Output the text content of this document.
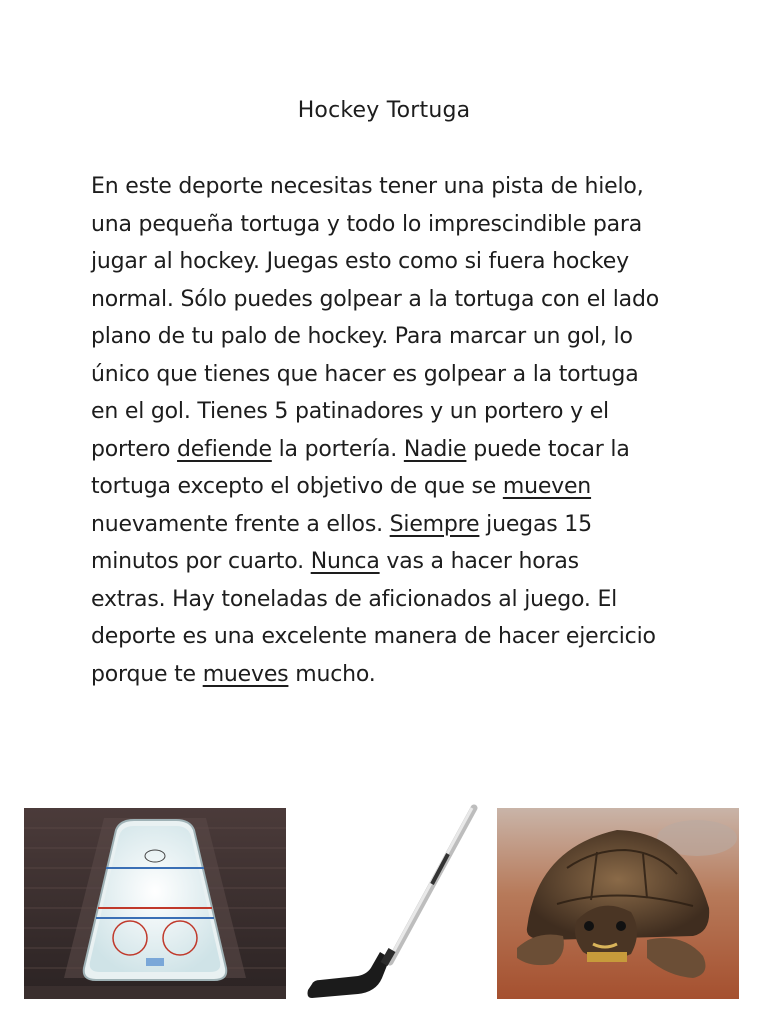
Hockey Tortuga
En este deporte necesitas tener una pista de hielo,
una pequeña tortuga y todo lo imprescindible para
jugar al hockey. Juegas esto como si fuera hockey
normal. Sólo puedes golpear a la tortuga con el lado
plano de tu palo de hockey. Para marcar un gol, lo
único que tienes que hacer es golpear a la tortuga
en el gol. Tienes 5 patinadores y un portero y el
portero defiende la portería. Nadie puede tocar la
tortuga excepto el objetivo de que se mueven
nuevamente frente a ellos. Siempre juegas 15
minutos por cuarto. Nunca vas a hacer horas
extras. Hay toneladas de aficionados al juego. El
deporte es una excelente manera de hacer ejercicio
porque te mueves mucho.
